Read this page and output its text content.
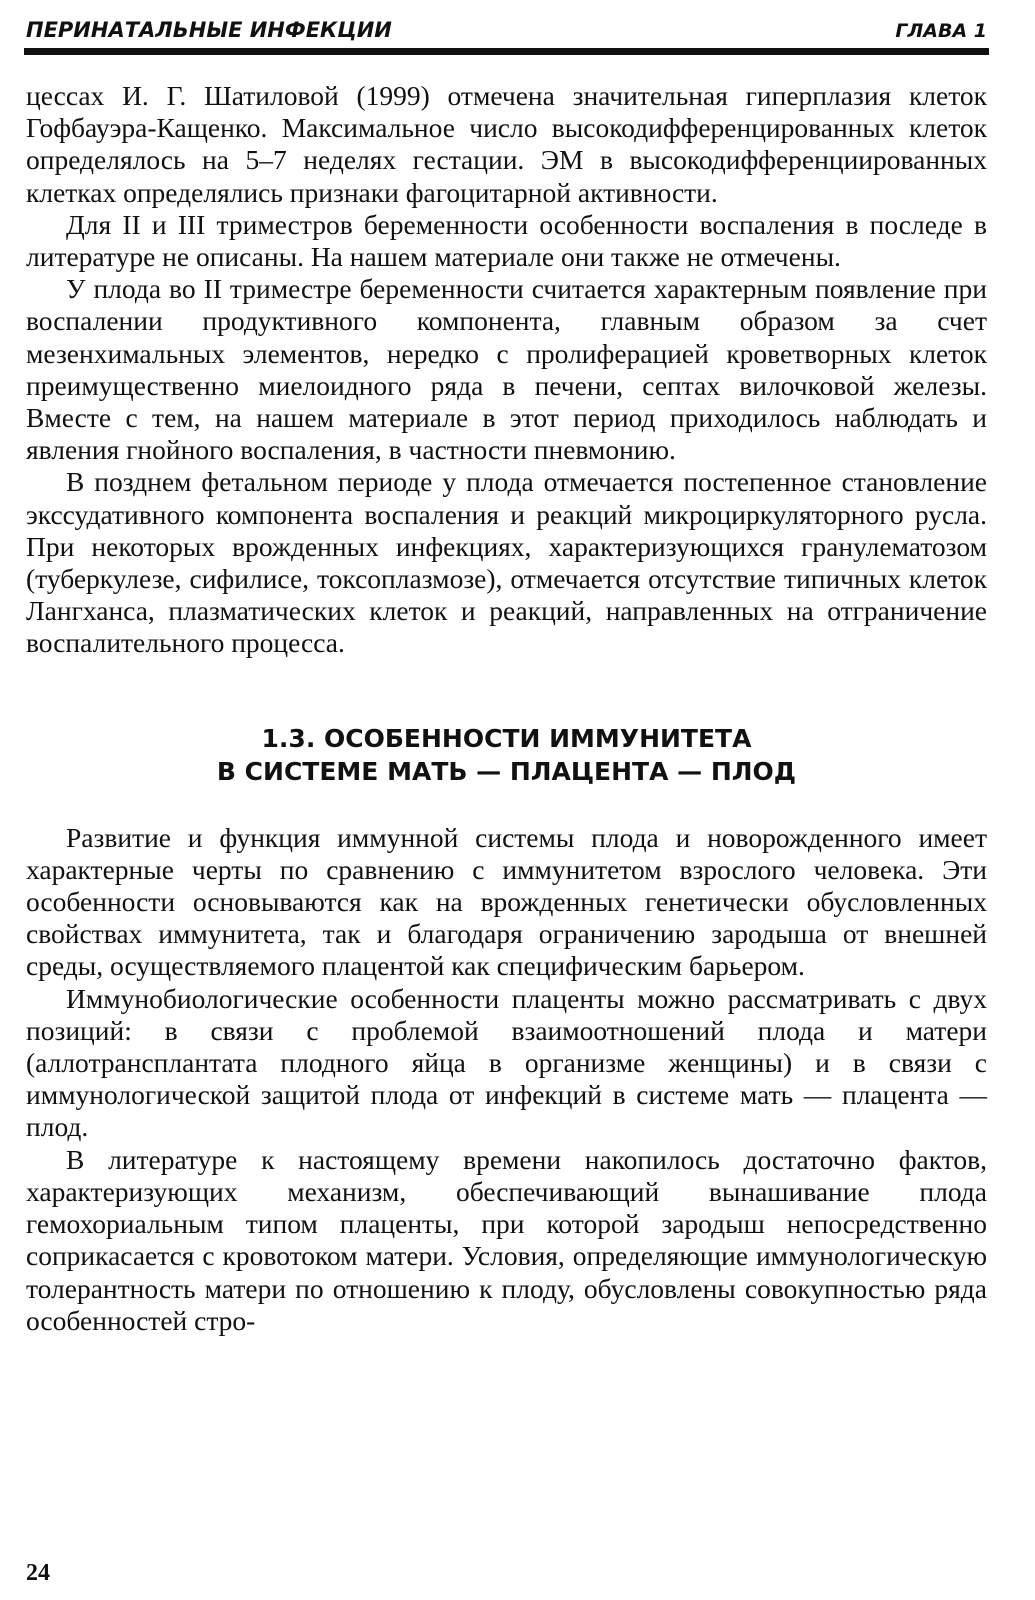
ПЕРИНАТАЛЬНЫЕ ИНФЕКЦИИ	ГЛАВА 1

цессах И. Г. Шатиловой (1999) отмечена значительная гиперплазия клеток Гофбауэра-Кащенко. Максимальное число высокодифференцированных клеток определялось на 5–7 неделях гестации. ЭМ в высокодифференциированных клетках определялись признаки фагоцитарной активности.

Для II и III триместров беременности особенности воспаления в последе в литературе не описаны. На нашем материале они также не отмечены.

У плода во II триместре беременности считается характерным появление при воспалении продуктивного компонента, главным образом за счет мезенхимальных элементов, нередко с пролиферацией кроветворных клеток преимущественно миелоидного ряда в печени, септах вилочковой железы. Вместе с тем, на нашем материале в этот период приходилось наблюдать и явления гнойного воспаления, в частности пневмонию.

В позднем фетальном периоде у плода отмечается постепенное становление экссудативного компонента воспаления и реакций микроциркуляторного русла. При некоторых врожденных инфекциях, характеризующихся гранулематозом (туберкулезе, сифилисе, токсоплазмозе), отмечается отсутствие типичных клеток Лангханса, плазматических клеток и реакций, направленных на отграничение воспалительного процесса.

1.3. ОСОБЕННОСТИ ИММУНИТЕТА
В СИСТЕМЕ МАТЬ — ПЛАЦЕНТА — ПЛОД

Развитие и функция иммунной системы плода и новорожденного имеет характерные черты по сравнению с иммунитетом взрослого человека. Эти особенности основываются как на врожденных генетически обусловленных свойствах иммунитета, так и благодаря ограничению зародыша от внешней среды, осуществляемого плацентой как специфическим барьером.

Иммунобиологические особенности плаценты можно рассматривать с двух позиций: в связи с проблемой взаимоотношений плода и матери (аллотрансплантата плодного яйца в организме женщины) и в связи с иммунологической защитой плода от инфекций в системе мать — плацента — плод.

В литературе к настоящему времени накопилось достаточно фактов, характеризующих механизм, обеспечивающий вынашивание плода гемохориальным типом плаценты, при которой зародыш непосредственно соприкасается с кровотоком матери. Условия, определяющие иммунологическую толерантность матери по отношению к плоду, обусловлены совокупностью ряда особенностей стро-

24
